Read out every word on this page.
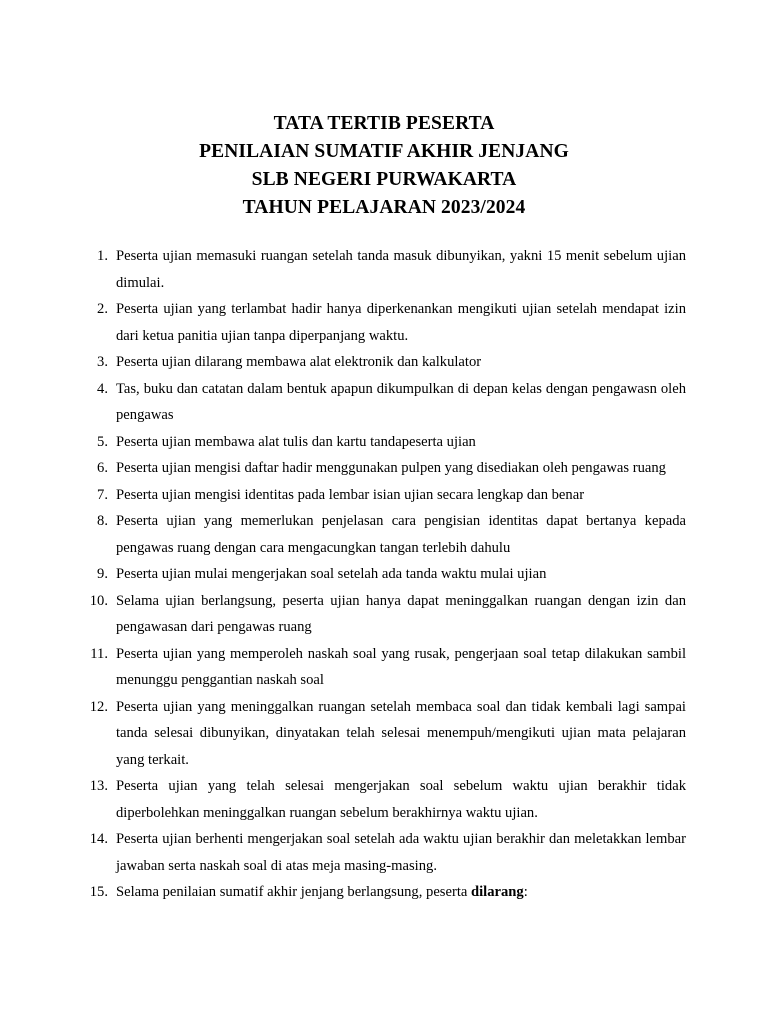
TATA TERTIB PESERTA
PENILAIAN SUMATIF AKHIR JENJANG
SLB NEGERI PURWAKARTA
TAHUN PELAJARAN 2023/2024
1. Peserta ujian memasuki ruangan setelah tanda masuk dibunyikan, yakni 15 menit sebelum ujian dimulai.
2. Peserta ujian yang terlambat hadir hanya diperkenankan mengikuti ujian setelah mendapat izin dari ketua panitia ujian tanpa diperpanjang waktu.
3. Peserta ujian dilarang membawa alat elektronik dan kalkulator
4. Tas, buku dan catatan dalam bentuk apapun dikumpulkan di depan kelas dengan pengawasn oleh pengawas
5. Peserta ujian membawa alat tulis dan kartu tandapeserta ujian
6. Peserta ujian mengisi daftar hadir menggunakan pulpen yang disediakan oleh pengawas ruang
7. Peserta ujian mengisi identitas pada lembar isian ujian secara lengkap dan benar
8. Peserta ujian yang memerlukan penjelasan cara pengisian identitas dapat bertanya kepada pengawas ruang dengan cara mengacungkan tangan terlebih dahulu
9. Peserta ujian mulai mengerjakan soal setelah ada tanda waktu mulai ujian
10. Selama ujian berlangsung, peserta ujian hanya dapat meninggalkan ruangan dengan izin dan pengawasan dari pengawas ruang
11. Peserta ujian yang memperoleh naskah soal yang rusak, pengerjaan soal tetap dilakukan sambil menunggu penggantian naskah soal
12. Peserta ujian yang meninggalkan ruangan setelah membaca soal dan tidak kembali lagi sampai tanda selesai dibunyikan, dinyatakan telah selesai menempuh/mengikuti ujian mata pelajaran yang terkait.
13. Peserta ujian yang telah selesai mengerjakan soal sebelum waktu ujian berakhir tidak diperbolehkan meninggalkan ruangan sebelum berakhirnya waktu ujian.
14. Peserta ujian berhenti mengerjakan soal setelah ada waktu ujian berakhir dan meletakkan lembar jawaban serta naskah soal di atas meja masing-masing.
15. Selama penilaian sumatif akhir jenjang berlangsung, peserta dilarang:
